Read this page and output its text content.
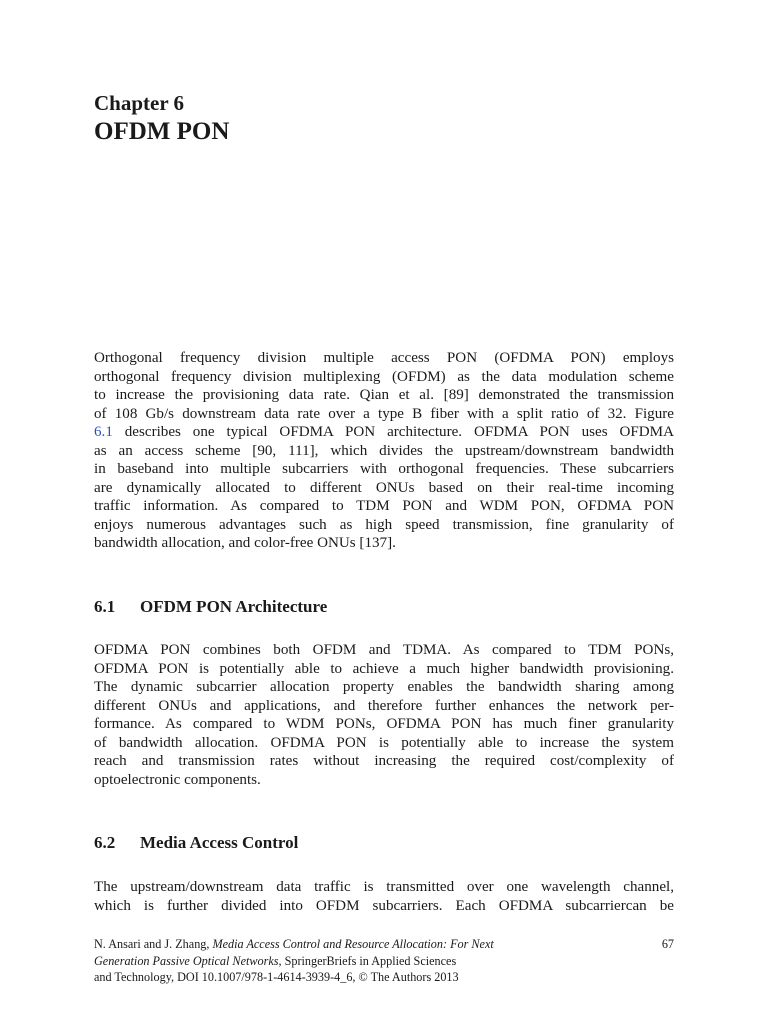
Chapter 6
OFDM PON
Orthogonal frequency division multiple access PON (OFDMA PON) employs
orthogonal frequency division multiplexing (OFDM) as the data modulation scheme
to increase the provisioning data rate. Qian et al. [89] demonstrated the transmission
of 108 Gb/s downstream data rate over a type B fiber with a split ratio of 32. Figure
6.1 describes one typical OFDMA PON architecture. OFDMA PON uses OFDMA
as an access scheme [90, 111], which divides the upstream/downstream bandwidth
in baseband into multiple subcarriers with orthogonal frequencies. These subcarriers
are dynamically allocated to different ONUs based on their real-time incoming
traffic information. As compared to TDM PON and WDM PON, OFDMA PON
enjoys numerous advantages such as high speed transmission, fine granularity of
bandwidth allocation, and color-free ONUs [137].
6.1 OFDM PON Architecture
OFDMA PON combines both OFDM and TDMA. As compared to TDM PONs,
OFDMA PON is potentially able to achieve a much higher bandwidth provisioning.
The dynamic subcarrier allocation property enables the bandwidth sharing among
different ONUs and applications, and therefore further enhances the network per-
formance. As compared to WDM PONs, OFDMA PON has much finer granularity
of bandwidth allocation. OFDMA PON is potentially able to increase the system
reach and transmission rates without increasing the required cost/complexity of
optoelectronic components.
6.2 Media Access Control
The upstream/downstream data traffic is transmitted over one wavelength channel,
which is further divided into OFDM subcarriers. Each OFDMA subcarriercan be
N. Ansari and J. Zhang, Media Access Control and Resource Allocation: For Next
Generation Passive Optical Networks, SpringerBriefs in Applied Sciences
and Technology, DOI 10.1007/978-1-4614-3939-4_6, © The Authors 2013
67
